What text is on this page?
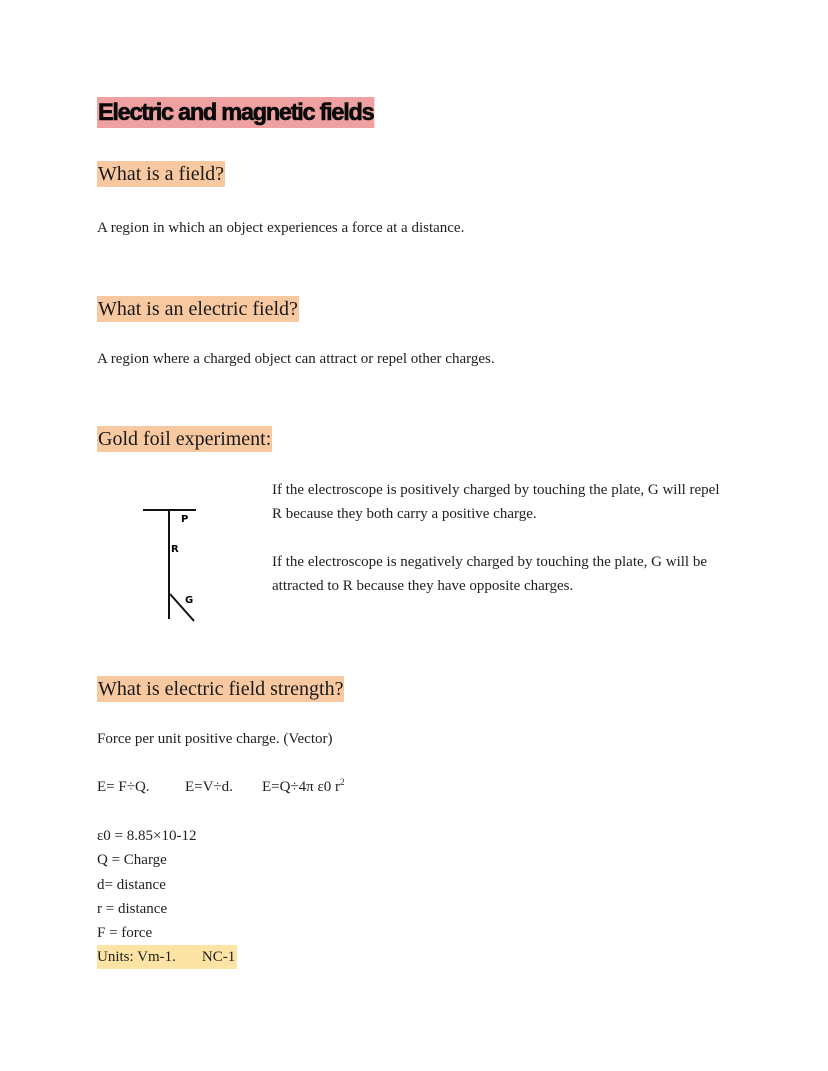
Electric and magnetic fields
What is a field?
A region in which an object experiences a force at a distance.
What is an electric field?
A region where a charged object can attract or repel other charges.
Gold foil experiment:
P
R
G
If the electroscope is positively charged by touching the plate, G will repel R because they both carry a positive charge.
If the electroscope is negatively charged by touching the plate, G will be attracted to R because they have opposite charges.
What is electric field strength?
Force per unit positive charge. (Vector)
E= F÷Q. E=V÷d. E=Q÷4π ε0 $r^2$
ε0 = 8.85×10-12
Q = Charge
d= distance
r = distance
F = force
Units: Vm-1. NC-1
